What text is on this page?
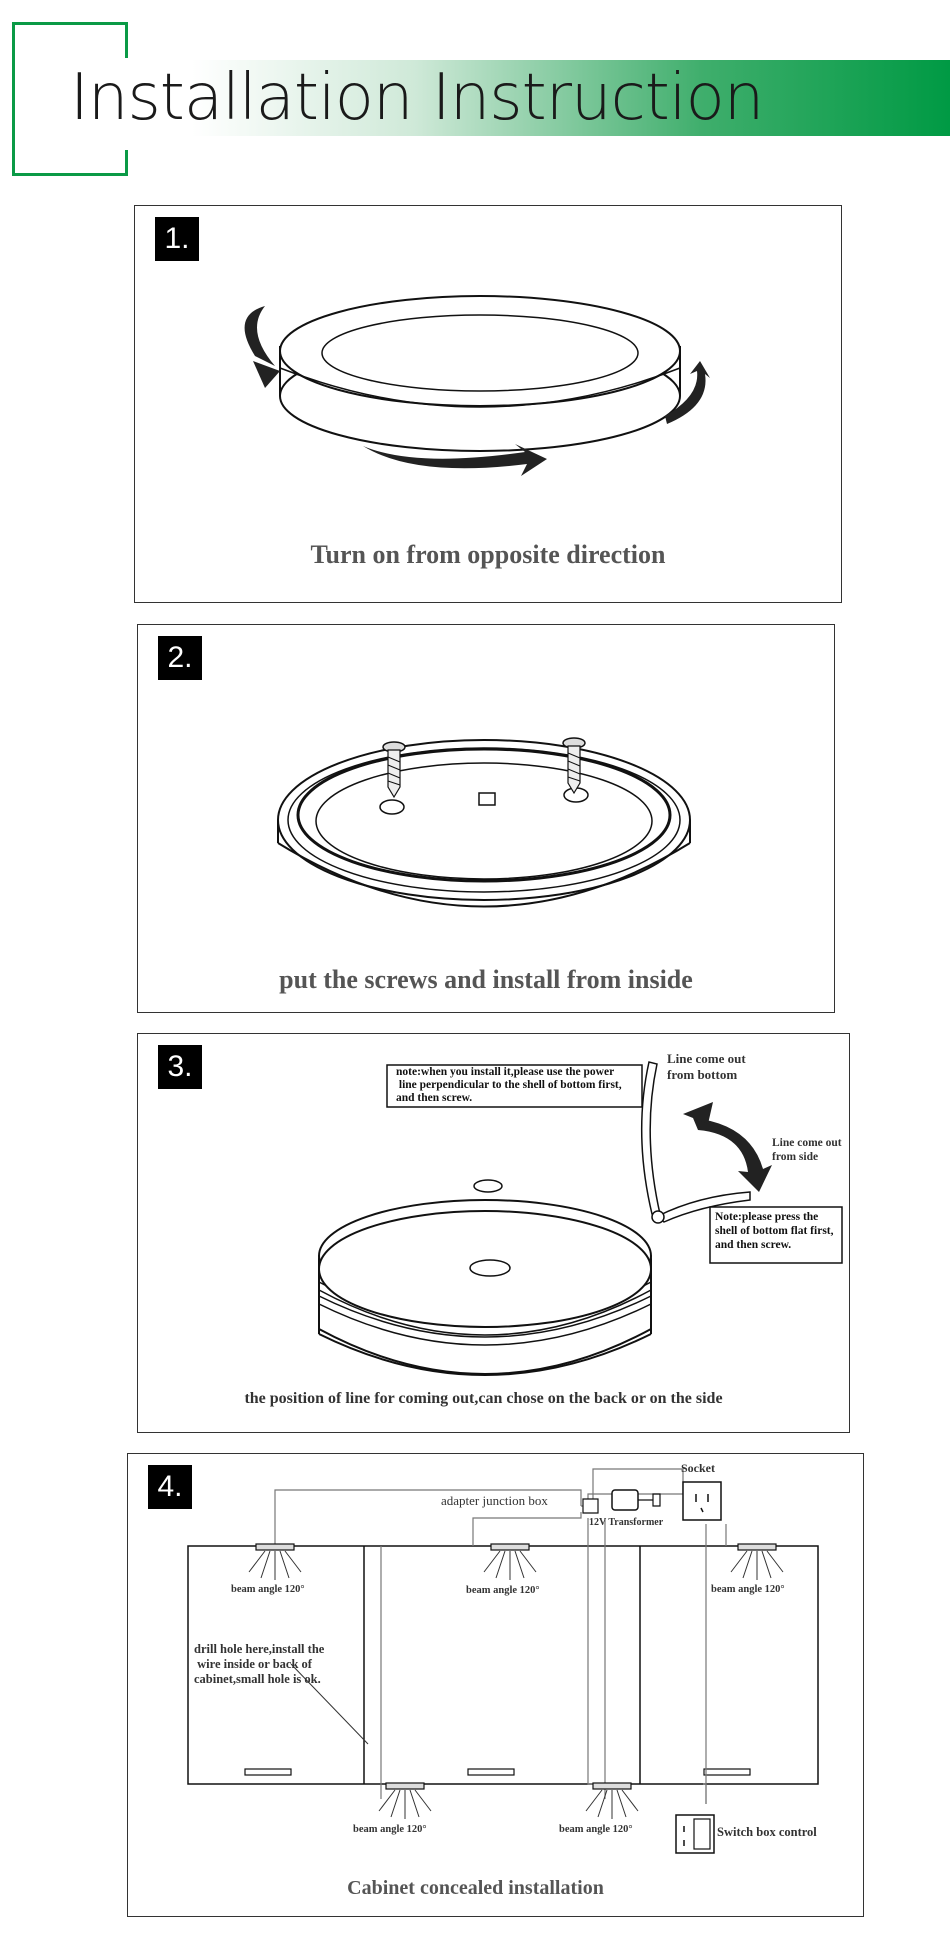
Installation Instruction
1.
Turn on from opposite direction
2.
put the screws and install from inside
3.	note:when you install it,please use the power
line perpendicular to the shell of bottom first,
and then screw.
Line come out
from bottom
Line come out
from side
Note:please press the
shell of bottom flat first,
and then screw.
the position of line for coming out,can chose on the back or on the side
4.
Socket
adapter junction box
12V Transformer
beam angle 120°	beam angle 120°	beam angle 120°
beam angle 120°	beam angle 120°
drill hole here,install the
wire inside or back of
cabinet,small hole is ok.
Switch box control
Cabinet concealed installation
